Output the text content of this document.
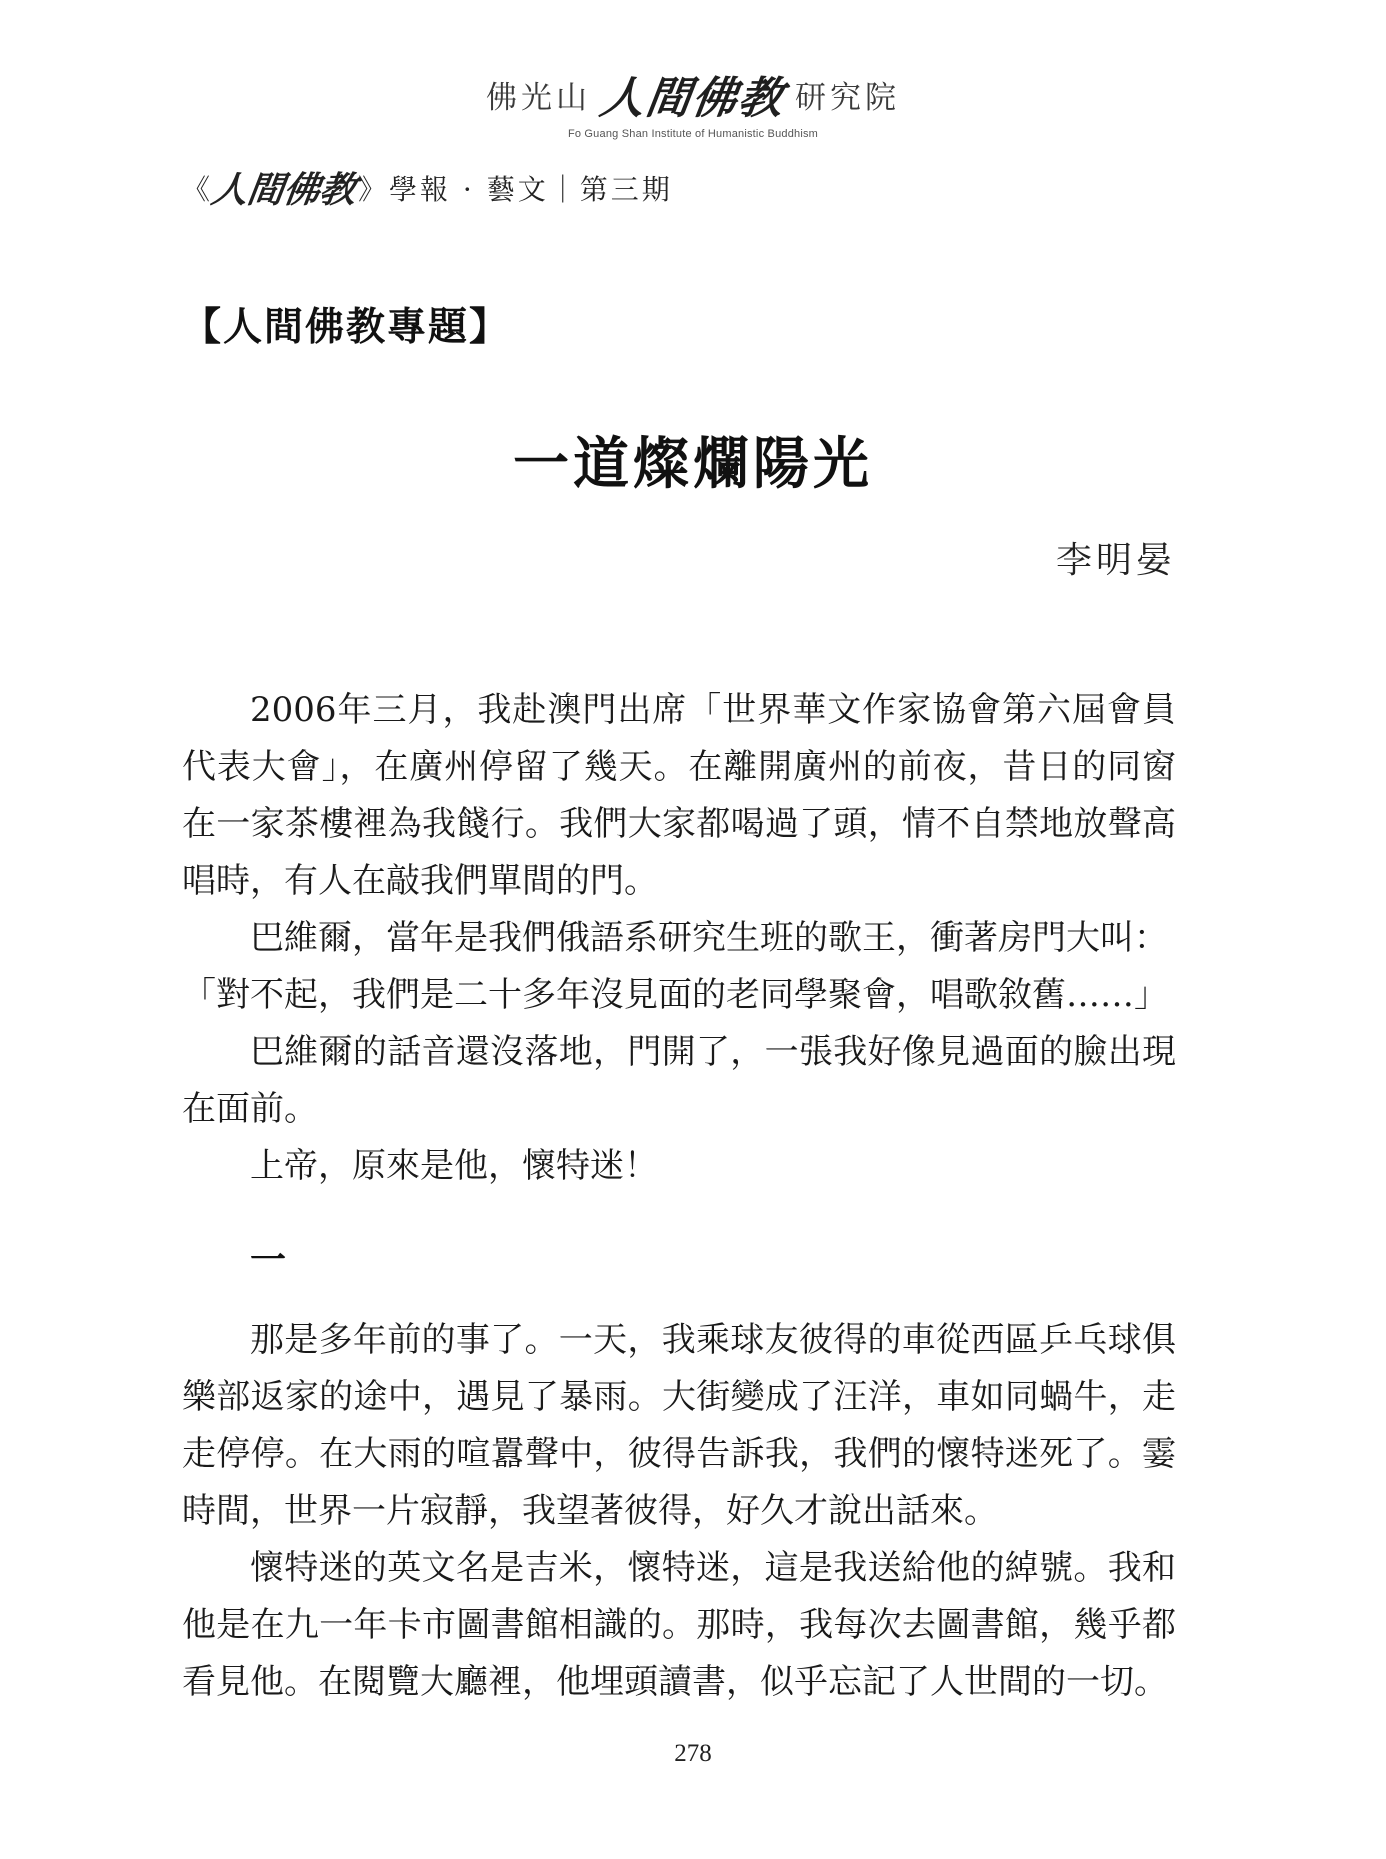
佛光山 人間佛教 研究院
Fo Guang Shan Institute of Humanistic Buddhism
《
人間佛教 》學報 · 藝文｜第三期
【人間佛教專題】
一道燦爛陽光
李明晏

2006年三月，我赴澳門出席「世界華文作家協會第六屆會員代表大會」，在廣州停留了幾天。在離開廣州的前夜，昔日的同窗在一家茶樓裡為我餞行。我們大家都喝過了頭，情不自禁地放聲高唱時，有人在敲我們單間的門。

巴維爾，當年是我們俄語系研究生班的歌王，衝著房門大叫：

「對不起，我們是二十多年沒見面的老同學聚會，唱歌敘舊……」

巴維爾的話音還沒落地，門開了，一張我好像見過面的臉出現在面前。

上帝，原來是他，懷特迷！

一

那是多年前的事了。一天，我乘球友彼得的車從西區乒乓球俱樂部返家的途中，遇見了暴雨。大街變成了汪洋，車如同蝸牛，走走停停。在大雨的喧囂聲中，彼得告訴我，我們的懷特迷死了。霎時間，世界一片寂靜，我望著彼得，好久才說出話來。

懷特迷的英文名是吉米，懷特迷，這是我送給他的綽號。我和他是在九一年卡市圖書館相識的。那時，我每次去圖書館，幾乎都看見他。在閱覽大廳裡，他埋頭讀書，似乎忘記了人世間的一切。

278
